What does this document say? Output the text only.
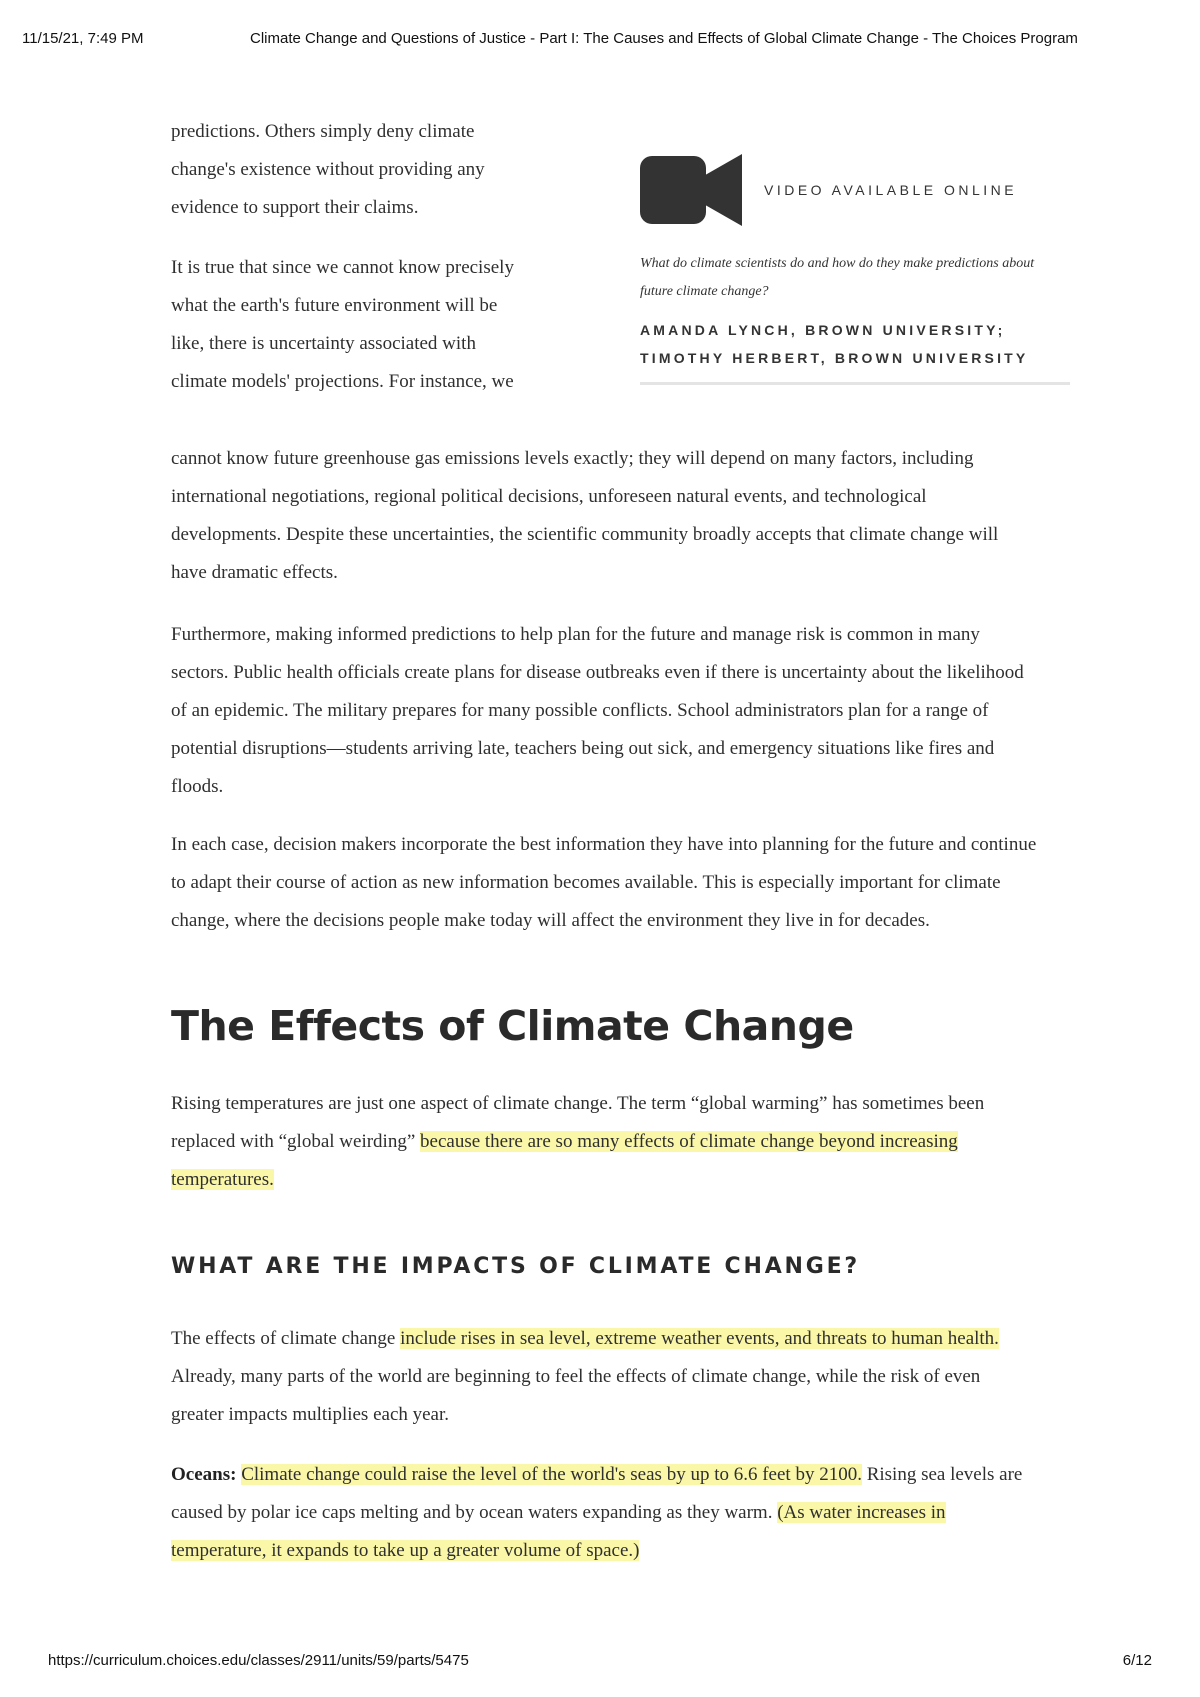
11/15/21, 7:49 PM	Climate Change and Questions of Justice - Part I: The Causes and Effects of Global Climate Change - The Choices Program

predictions. Others simply deny climate change's existence without providing any evidence to support their claims.

It is true that since we cannot know precisely what the earth's future environment will be like, there is uncertainty associated with climate models' projections. For instance, we

cannot know future greenhouse gas emissions levels exactly; they will depend on many factors, including international negotiations, regional political decisions, unforeseen natural events, and technological developments. Despite these uncertainties, the scientific community broadly accepts that climate change will have dramatic effects.

VIDEO AVAILABLE ONLINE

What do climate scientists do and how do they make predictions about future climate change?

AMANDA LYNCH, BROWN UNIVERSITY; TIMOTHY HERBERT, BROWN UNIVERSITY

Furthermore, making informed predictions to help plan for the future and manage risk is common in many sectors. Public health officials create plans for disease outbreaks even if there is uncertainty about the likelihood of an epidemic. The military prepares for many possible conflicts. School administrators plan for a range of potential disruptions—students arriving late, teachers being out sick, and emergency situations like fires and floods.

In each case, decision makers incorporate the best information they have into planning for the future and continue to adapt their course of action as new information becomes available. This is especially important for climate change, where the decisions people make today will affect the environment they live in for decades.

The Effects of Climate Change

Rising temperatures are just one aspect of climate change. The term “global warming” has sometimes been replaced with “global weirding” because there are so many effects of climate change beyond increasing temperatures.

WHAT ARE THE IMPACTS OF CLIMATE CHANGE?

The effects of climate change include rises in sea level, extreme weather events, and threats to human health. Already, many parts of the world are beginning to feel the effects of climate change, while the risk of even greater impacts multiplies each year.

Oceans: Climate change could raise the level of the world's seas by up to 6.6 feet by 2100. Rising sea levels are caused by polar ice caps melting and by ocean waters expanding as they warm. (As water increases in temperature, it expands to take up a greater volume of space.)

https://curriculum.choices.edu/classes/2911/units/59/parts/5475	6/12
